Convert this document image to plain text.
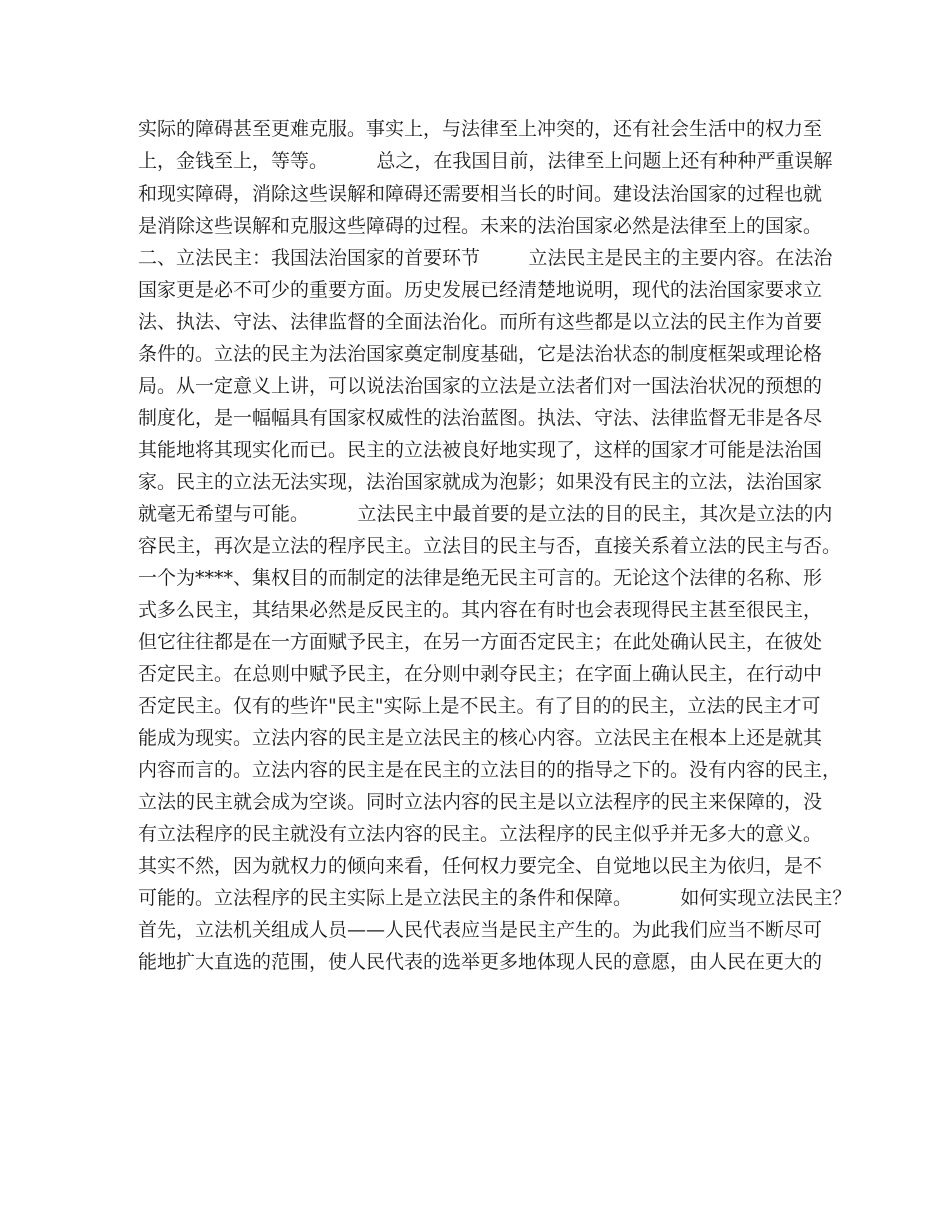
实际的障碍甚至更难克服。事实上，与法律至上冲突的，还有社会生活中的权力至
上，金钱至上，等等。        总之，在我国目前，法律至上问题上还有种种严重误解
和现实障碍，消除这些误解和障碍还需要相当长的时间。建设法治国家的过程也就
是消除这些误解和克服这些障碍的过程。未来的法治国家必然是法律至上的国家。
二、立法民主：我国法治国家的首要环节        立法民主是民主的主要内容。在法治
国家更是必不可少的重要方面。历史发展已经清楚地说明，现代的法治国家要求立
法、执法、守法、法律监督的全面法治化。而所有这些都是以立法的民主作为首要
条件的。立法的民主为法治国家奠定制度基础，它是法治状态的制度框架或理论格
局。从一定意义上讲，可以说法治国家的立法是立法者们对一国法治状况的预想的
制度化，是一幅幅具有国家权威性的法治蓝图。执法、守法、法律监督无非是各尽
其能地将其现实化而已。民主的立法被良好地实现了，这样的国家才可能是法治国
家。民主的立法无法实现，法治国家就成为泡影；如果没有民主的立法，法治国家
就毫无希望与可能。        立法民主中最首要的是立法的目的民主，其次是立法的内
容民主，再次是立法的程序民主。立法目的民主与否，直接关系着立法的民主与否。
一个为****、集权目的而制定的法律是绝无民主可言的。无论这个法律的名称、形
式多么民主，其结果必然是反民主的。其内容在有时也会表现得民主甚至很民主，
但它往往都是在一方面赋予民主，在另一方面否定民主；在此处确认民主，在彼处
否定民主。在总则中赋予民主，在分则中剥夺民主；在字面上确认民主，在行动中
否定民主。仅有的些许"民主"实际上是不民主。有了目的的民主，立法的民主才可
能成为现实。立法内容的民主是立法民主的核心内容。立法民主在根本上还是就其
内容而言的。立法内容的民主是在民主的立法目的的指导之下的。没有内容的民主，
立法的民主就会成为空谈。同时立法内容的民主是以立法程序的民主来保障的，没
有立法程序的民主就没有立法内容的民主。立法程序的民主似乎并无多大的意义。
其实不然，因为就权力的倾向来看，任何权力要完全、自觉地以民主为依归，是不
可能的。立法程序的民主实际上是立法民主的条件和保障。        如何实现立法民主？
首先，立法机关组成人员——人民代表应当是民主产生的。为此我们应当不断尽可
能地扩大直选的范围，使人民代表的选举更多地体现人民的意愿，由人民在更大的
